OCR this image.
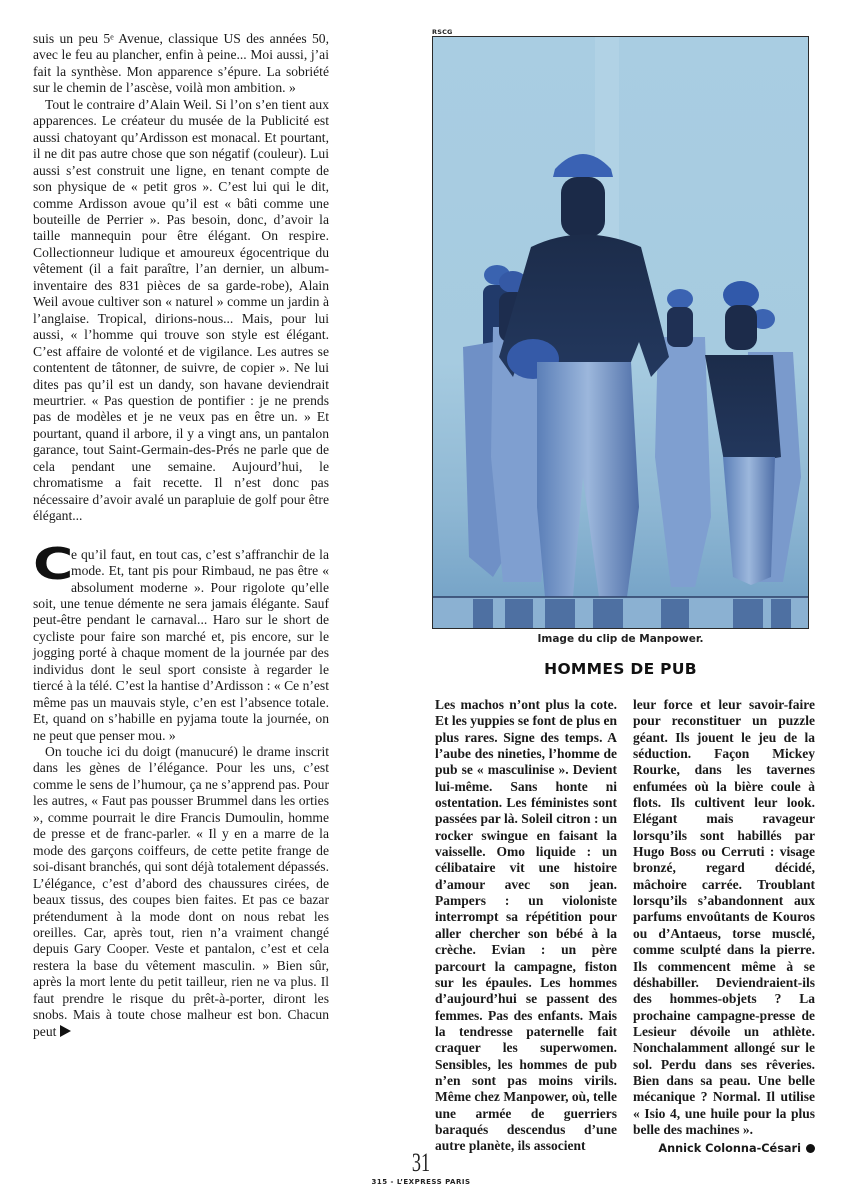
suis un peu 5ᵉ Avenue, classique US des années 50, avec le feu au plancher, enfin à peine... Moi aussi, j’ai fait la synthèse. Mon apparence s’épure. La sobriété sur le chemin de l’ascèse, voilà mon ambition. »

Tout le contraire d’Alain Weil. Si l’on s’en tient aux apparences. Le créateur du musée de la Publicité est aussi chatoyant qu’Ardisson est monacal. Et pourtant, il ne dit pas autre chose que son négatif (couleur). Lui aussi s’est construit une ligne, en tenant compte de son physique de « petit gros ». C’est lui qui le dit, comme Ardisson avoue qu’il est « bâti comme une bouteille de Perrier ». Pas besoin, donc, d’avoir la taille mannequin pour être élégant. On respire. Collectionneur ludique et amoureux égocentrique du vêtement (il a fait paraître, l’an dernier, un album-inventaire des 831 pièces de sa garde-robe), Alain Weil avoue cultiver son « naturel » comme un jardin à l’anglaise. Tropical, dirions-nous... Mais, pour lui aussi, « l’homme qui trouve son style est élégant. C’est affaire de volonté et de vigilance. Les autres se contentent de tâtonner, de suivre, de copier ». Ne lui dites pas qu’il est un dandy, son havane deviendrait meurtrier. « Pas question de pontifier : je ne prends pas de modèles et je ne veux pas en être un. » Et pourtant, quand il arbore, il y a vingt ans, un pantalon garance, tout Saint-Germain-des-Prés ne parle que de cela pendant une semaine. Aujourd’hui, le chromatisme a fait recette. Il n’est donc pas nécessaire d’avoir avalé un parapluie de golf pour être élégant...

C
e qu’il faut, en tout cas, c’est s’affranchir de la mode. Et, tant pis pour Rimbaud, ne pas être « absolument moderne ». Pour rigolote qu’elle soit, une tenue démente ne sera jamais élégante. Sauf peut-être pendant le carnaval... Haro sur le short de cycliste pour faire son marché et, pis encore, sur le jogging porté à chaque moment de la journée par des individus dont le seul sport consiste à regarder le tiercé à la télé. C’est la hantise d’Ardisson : « Ce n’est même pas un mauvais style, c’en est l’absence totale. Et, quand on s’habille en pyjama toute la journée, on ne peut que penser mou. »

On touche ici du doigt (manucuré) le drame inscrit dans les gènes de l’élégance. Pour les uns, c’est comme le sens de l’humour, ça ne s’apprend pas. Pour les autres, « Faut pas pousser Brummel dans les orties », comme pourrait le dire Francis Dumoulin, homme de presse et de franc-parler. « Il y en a marre de la mode des garçons coiffeurs, de cette petite frange de soi-disant branchés, qui sont déjà totalement dépassés. L’élégance, c’est d’abord des chaussures cirées, de beaux tissus, des coupes bien faites. Et pas ce bazar prétendument à la mode dont on nous rebat les oreilles. Car, après tout, rien n’a vraiment changé depuis Gary Cooper. Veste et pantalon, c’est et cela restera la base du vêtement masculin. » Bien sûr, après la mort lente du petit tailleur, rien ne va plus. Il faut prendre le risque du prêt-à-porter, diront les snobs. Mais à toute chose malheur est bon. Chacun peut

RSCG
Image du clip de Manpower.
HOMMES DE PUB

Les machos n’ont plus la cote. Et les yuppies se font de plus en plus rares. Signe des temps. A l’aube des nineties, l’homme de pub se « masculinise ». Devient lui-même. Sans honte ni ostentation. Les féministes sont passées par là. Soleil citron : un rocker swingue en faisant la vaisselle. Omo liquide : un célibataire vit une histoire d’amour avec son jean. Pampers : un violoniste interrompt sa répétition pour aller chercher son bébé à la crèche. Evian : un père parcourt la campagne, fiston sur les épaules. Les hommes d’aujourd’hui se passent des femmes. Pas des enfants. Mais la tendresse paternelle fait craquer les superwomen. Sensibles, les hommes de pub n’en sont pas moins virils. Même chez Manpower, où, telle une armée de guerriers baraqués descendus d’une autre planète, ils associent

leur force et leur savoir-faire pour reconstituer un puzzle géant. Ils jouent le jeu de la séduction. Façon Mickey Rourke, dans les tavernes enfumées où la bière coule à flots. Ils cultivent leur look. Elégant mais ravageur lorsqu’ils sont habillés par Hugo Boss ou Cerruti : visage bronzé, regard décidé, mâchoire carrée. Troublant lorsqu’ils s’abandonnent aux parfums envoûtants de Kouros ou d’Antaeus, torse musclé, comme sculpté dans la pierre. Ils commencent même à se déshabiller. Deviendraient-ils des hommes-objets ? La prochaine campagne-presse de Lesieur dévoile un athlète. Nonchalamment allongé sur le sol. Perdu dans ses rêveries. Bien dans sa peau. Une belle mécanique ? Normal. Il utilise « Isio 4, une huile pour la plus belle des machines ».

Annick Colonna-Césari
31
315 - L’EXPRESS PARIS
